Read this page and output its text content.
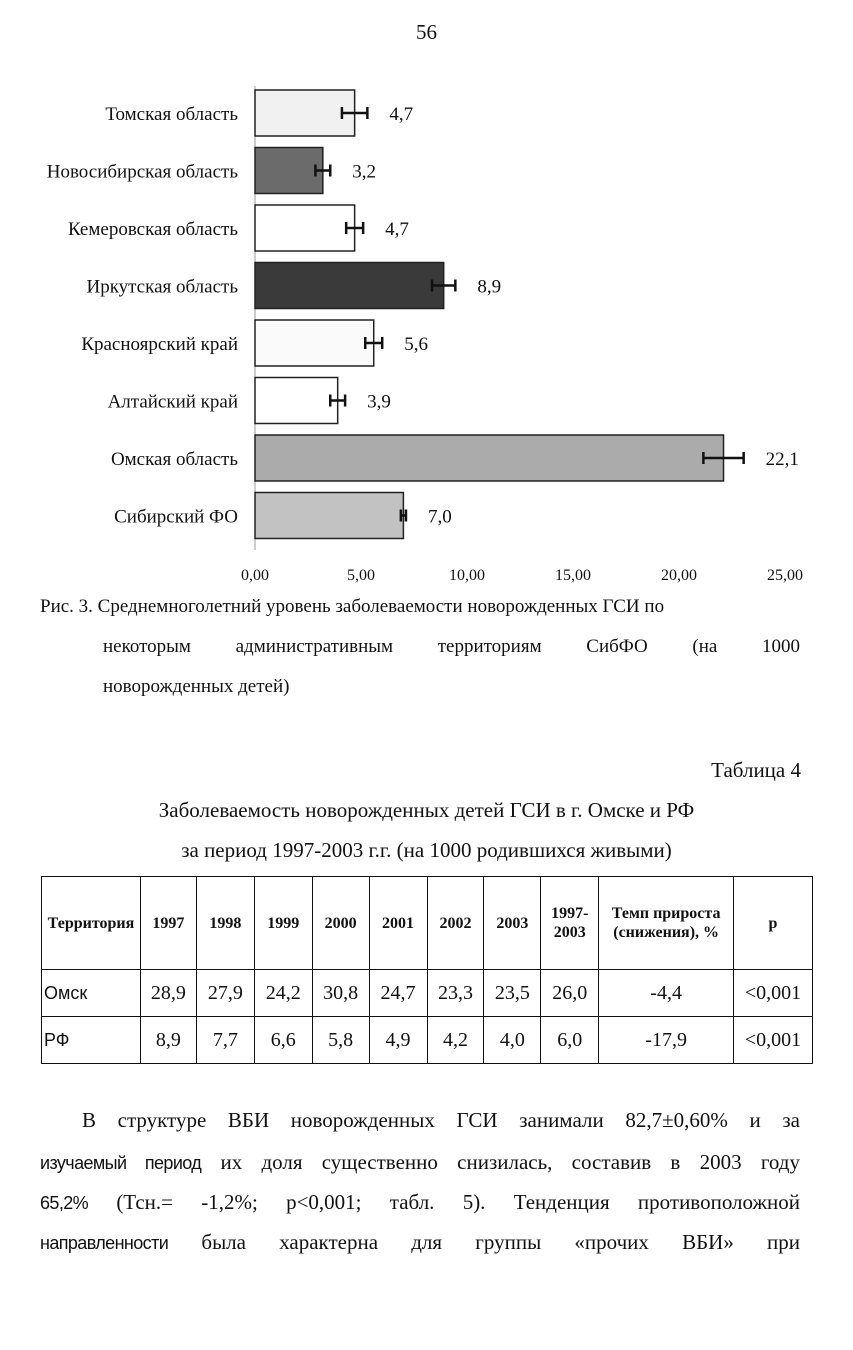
56
4,7
Томская область
3,2
Новосибирская область
4,7
Кемеровская область
8,9
Иркутская область
5,6
Красноярский край
3,9
Алтайский край
22,1
Омская область
7,0
Сибирский ФО
0,00	5,00	10,00	15,00	20,00	25,00
Рис. 3. Среднемноголетний уровень заболеваемости новорожденных ГСИ по
некоторым административным территориям СибФО (на 1000
новорожденных детей)
Таблица 4
Заболеваемость новорожденных детей ГСИ в г. Омске и РФ
за период 1997-2003 г.г. (на 1000 родившихся живыми)
Территория	1997	1998	1999	2000	2001	2002	2003	1997-2003	Темп прироста (снижения), %	p
Омск	28,9	27,9	24,2	30,8	24,7	23,3	23,5	26,0	-4,4	<0,001
РФ	8,9	7,7	6,6	5,8	4,9	4,2	4,0	6,0	-17,9	<0,001
В структуре ВБИ новорожденных ГСИ занимали 82,7±0,60% и за
изучаемый период их доля существенно снизилась, составив в 2003 году
65,2% (Тсн.= -1,2%; p<0,001; табл. 5). Тенденция противоположной
направленности была характерна для группы «прочих ВБИ» при
